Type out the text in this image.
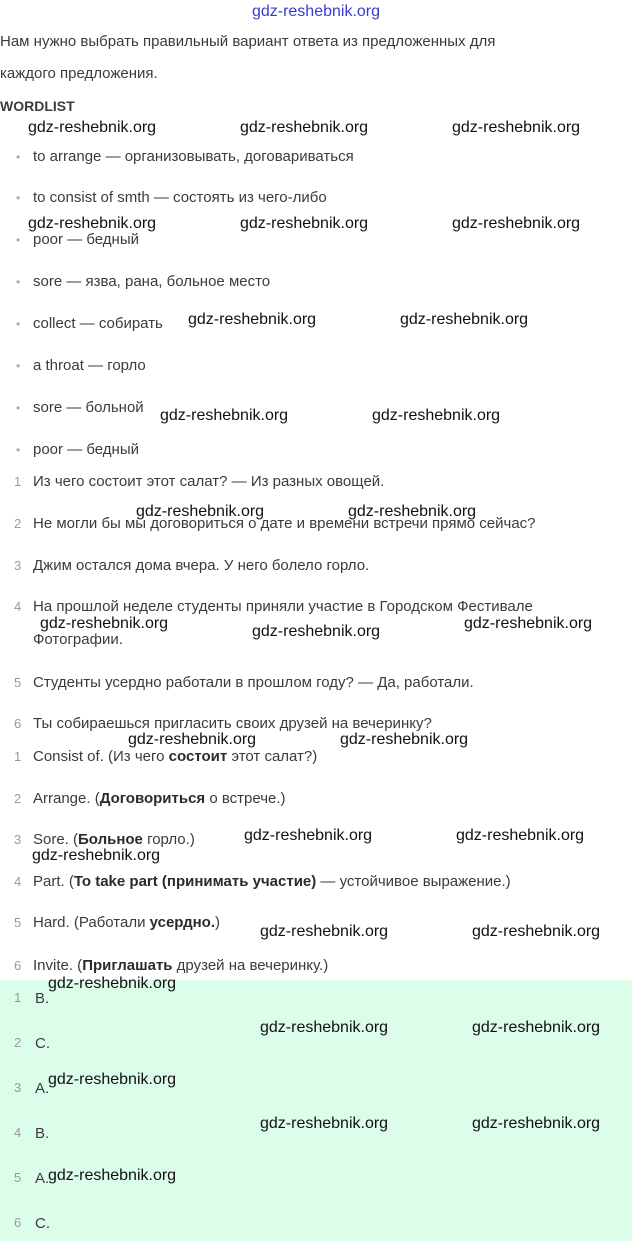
gdz-reshebnik.org
Нам нужно выбрать правильный вариант ответа из предложенных для
каждого предложения.
WORDLIST
• to arrange — организовывать, договариваться
• to consist of smth — состоять из чего-либо
• poor — бедный
• sore — язва, рана, больное место
• collect — собирать
• a throat — горло
• sore — больной
• poor — бедный
1 Из чего состоит этот салат? — Из разных овощей.
2 Не могли бы мы договориться о дате и времени встречи прямо сейчас?
3 Джим остался дома вчера. У него болело горло.
4 На прошлой неделе студенты приняли участие в Городском Фестивале
Фотографии.
5 Студенты усердно работали в прошлом году? — Да, работали.
6 Ты собираешься пригласить своих друзей на вечеринку?
1 Consist of. (Из чего состоит этот салат?)
2 Arrange. (Договориться о встрече.)
3 Sore. (Больное горло.)
4 Part. (To take part (принимать участие) — устойчивое выражение.)
5 Hard. (Работали усердно.)
6 Invite. (Приглашать друзей на вечеринку.)
1 B.
2 C.
3 A.
4 B.
5 A.
6 C.
gdz-reshebnik.org	gdz-reshebnik.org	gdz-reshebnik.org
gdz-reshebnik.org	gdz-reshebnik.org	gdz-reshebnik.org
gdz-reshebnik.org	gdz-reshebnik.org
gdz-reshebnik.org	gdz-reshebnik.org
gdz-reshebnik.org	gdz-reshebnik.org
gdz-reshebnik.org	gdz-reshebnik.org	gdz-reshebnik.org
gdz-reshebnik.org	gdz-reshebnik.org
gdz-reshebnik.org	gdz-reshebnik.org
gdz-reshebnik.org
gdz-reshebnik.org	gdz-reshebnik.org
gdz-reshebnik.org
gdz-reshebnik.org	gdz-reshebnik.org
gdz-reshebnik.org
gdz-reshebnik.org	gdz-reshebnik.org
gdz-reshebnik.org
